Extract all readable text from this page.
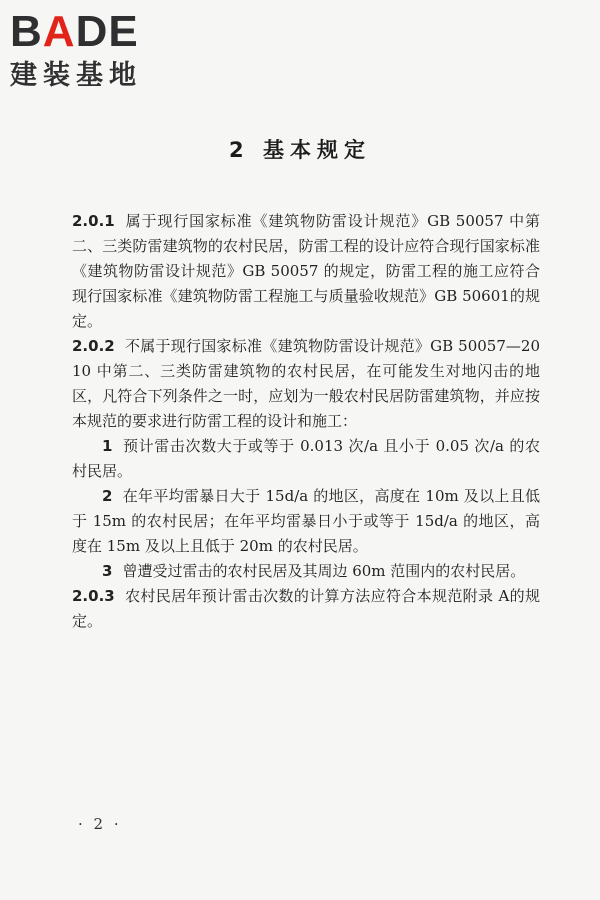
BADE
建装基地
2 基本规定

2.0.1 属于现行国家标准《建筑物防雷设计规范》GB 50057 中第二、三类防雷建筑物的农村民居，防雷工程的设计应符合现行国家标准《建筑物防雷设计规范》GB 50057 的规定，防雷工程的施工应符合现行国家标准《建筑物防雷工程施工与质量验收规范》GB 50601的规定。

2.0.2 不属于现行国家标准《建筑物防雷设计规范》GB 50057—2010 中第二、三类防雷建筑物的农村民居，在可能发生对地闪击的地区，凡符合下列条件之一时，应划为一般农村民居防雷建筑物，并应按本规范的要求进行防雷工程的设计和施工：

1 预计雷击次数大于或等于 0.013 次/a 且小于 0.05 次/a 的农村民居。

2 在年平均雷暴日大于 15d/a 的地区，高度在 10m 及以上且低于 15m 的农村民居；在年平均雷暴日小于或等于 15d/a 的地区，高度在 15m 及以上且低于 20m 的农村民居。

3 曾遭受过雷击的农村民居及其周边 60m 范围内的农村民居。

2.0.3 农村民居年预计雷击次数的计算方法应符合本规范附录 A的规定。

· 2 ·
